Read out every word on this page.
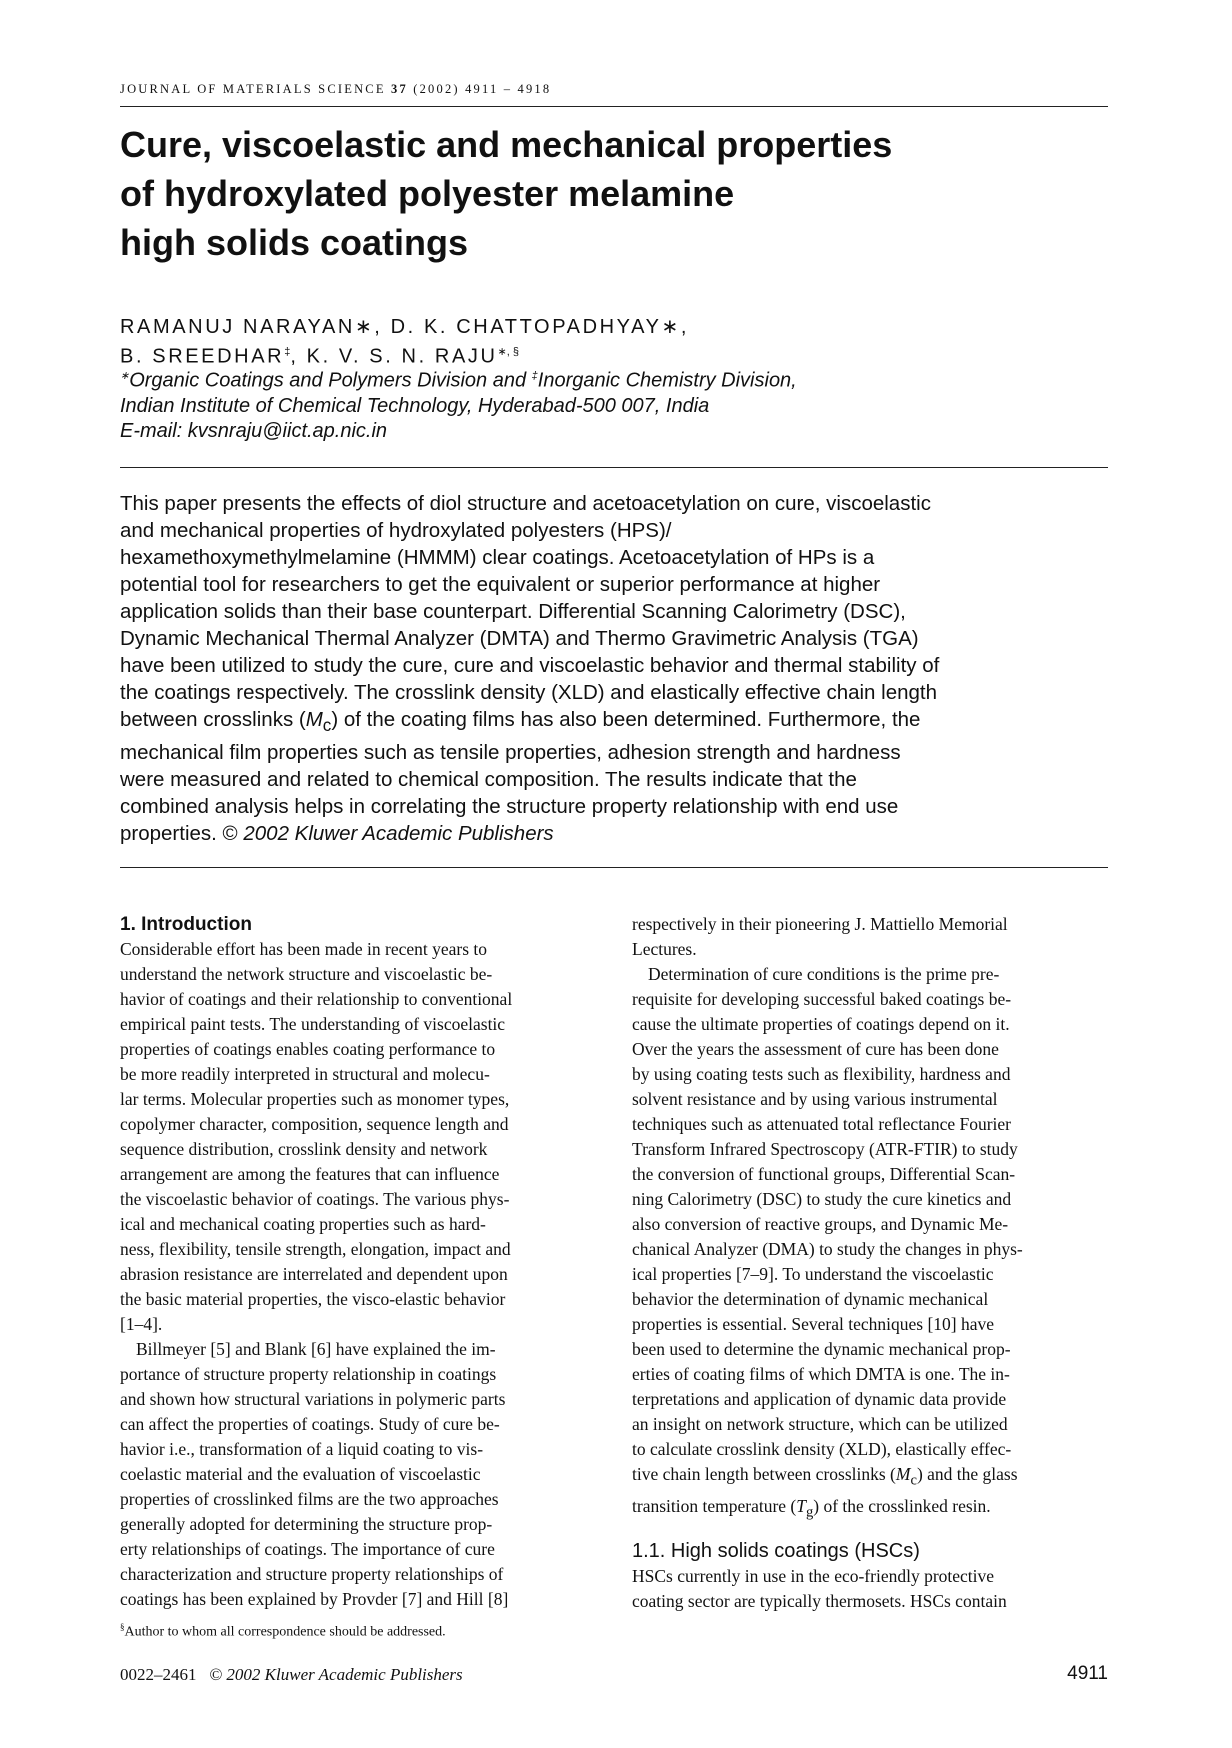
JOURNAL OF MATERIALS SCIENCE 37 (2002) 4911 – 4918
Cure, viscoelastic and mechanical properties
of hydroxylated polyester melamine
high solids coatings
RAMANUJ NARAYAN∗, D. K. CHATTOPADHYAY∗,
B. SREEDHAR‡, K. V. S. N. RAJU∗, §
∗Organic Coatings and Polymers Division and ‡Inorganic Chemistry Division,
Indian Institute of Chemical Technology, Hyderabad-500 007, India
E-mail: kvsnraju@iict.ap.nic.in
This paper presents the effects of diol structure and acetoacetylation on cure, viscoelastic
and mechanical properties of hydroxylated polyesters (HPS)/
hexamethoxymethylmelamine (HMMM) clear coatings. Acetoacetylation of HPs is a
potential tool for researchers to get the equivalent or superior performance at higher
application solids than their base counterpart. Differential Scanning Calorimetry (DSC),
Dynamic Mechanical Thermal Analyzer (DMTA) and Thermo Gravimetric Analysis (TGA)
have been utilized to study the cure, cure and viscoelastic behavior and thermal stability of
the coatings respectively. The crosslink density (XLD) and elastically effective chain length
between crosslinks $(M_c)$ of the coating films has also been determined. Furthermore, the
mechanical film properties such as tensile properties, adhesion strength and hardness
were measured and related to chemical composition. The results indicate that the
combined analysis helps in correlating the structure property relationship with end use
properties. © 2002 Kluwer Academic Publishers
1. Introduction
Considerable effort has been made in recent years to
understand the network structure and viscoelastic be-
havior of coatings and their relationship to conventional
empirical paint tests. The understanding of viscoelastic
properties of coatings enables coating performance to
be more readily interpreted in structural and molecu-
lar terms. Molecular properties such as monomer types,
copolymer character, composition, sequence length and
sequence distribution, crosslink density and network
arrangement are among the features that can influence
the viscoelastic behavior of coatings. The various phys-
ical and mechanical coating properties such as hard-
ness, flexibility, tensile strength, elongation, impact and
abrasion resistance are interrelated and dependent upon
the basic material properties, the visco-elastic behavior
[1–4].
Billmeyer [5] and Blank [6] have explained the im-
portance of structure property relationship in coatings
and shown how structural variations in polymeric parts
can affect the properties of coatings. Study of cure be-
havior i.e., transformation of a liquid coating to vis-
coelastic material and the evaluation of viscoelastic
properties of crosslinked films are the two approaches
generally adopted for determining the structure prop-
erty relationships of coatings. The importance of cure
characterization and structure property relationships of
coatings has been explained by Provder [7] and Hill [8]
respectively in their pioneering J. Mattiello Memorial
Lectures.
Determination of cure conditions is the prime pre-
requisite for developing successful baked coatings be-
cause the ultimate properties of coatings depend on it.
Over the years the assessment of cure has been done
by using coating tests such as flexibility, hardness and
solvent resistance and by using various instrumental
techniques such as attenuated total reflectance Fourier
Transform Infrared Spectroscopy (ATR-FTIR) to study
the conversion of functional groups, Differential Scan-
ning Calorimetry (DSC) to study the cure kinetics and
also conversion of reactive groups, and Dynamic Me-
chanical Analyzer (DMA) to study the changes in phys-
ical properties [7–9]. To understand the viscoelastic
behavior the determination of dynamic mechanical
properties is essential. Several techniques [10] have
been used to determine the dynamic mechanical prop-
erties of coating films of which DMTA is one. The in-
terpretations and application of dynamic data provide
an insight on network structure, which can be utilized
to calculate crosslink density (XLD), elastically effec-
tive chain length between crosslinks $(M_c)$ and the glass
transition temperature $(T_g)$ of the crosslinked resin.
1.1. High solids coatings (HSCs)
HSCs currently in use in the eco-friendly protective
coating sector are typically thermosets. HSCs contain
§Author to whom all correspondence should be addressed.
0022–2461 © 2002 Kluwer Academic Publishers	4911
